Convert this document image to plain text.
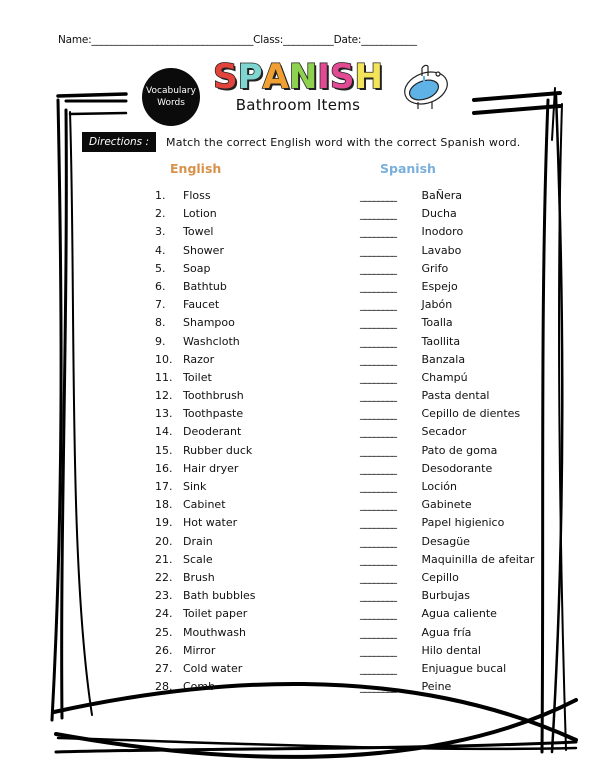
Name:________________________________Class:__________Date:___________
Vocabulary
Words
SPANISH
Bathroom Items
Directions :	Match the correct English word with the correct Spanish word.
English	Spanish
1. Floss
2. Lotion
3. Towel
4. Shower
5. Soap
6. Bathtub
7. Faucet
8. Shampoo
9. Washcloth
10. Razor
11. Toilet
12. Toothbrush
13. Toothpaste
14. Deoderant
15. Rubber duck
16. Hair dryer
17. Sink
18. Cabinet
19. Hot water
20. Drain
21. Scale
22. Brush
23. Bath bubbles
24. Toilet paper
25. Mouthwash
26. Mirror
27. Cold water
28. Comb
________ BaÑera
________ Ducha
________ Inodoro
________ Lavabo
________ Grifo
________ Espejo
________ Jabón
________ Toalla
________ Taollita
________ Banzala
________ Champú
________ Pasta dental
________ Cepillo de dientes
________ Secador
________ Pato de goma
________ Desodorante
________ Loción
________ Gabinete
________ Papel higienico
________ Desagüe
________ Maquinilla de afeitar
________ Cepillo
________ Burbujas
________ Agua caliente
________ Agua fría
________ Hilo dental
________ Enjuague bucal
________ Peine
